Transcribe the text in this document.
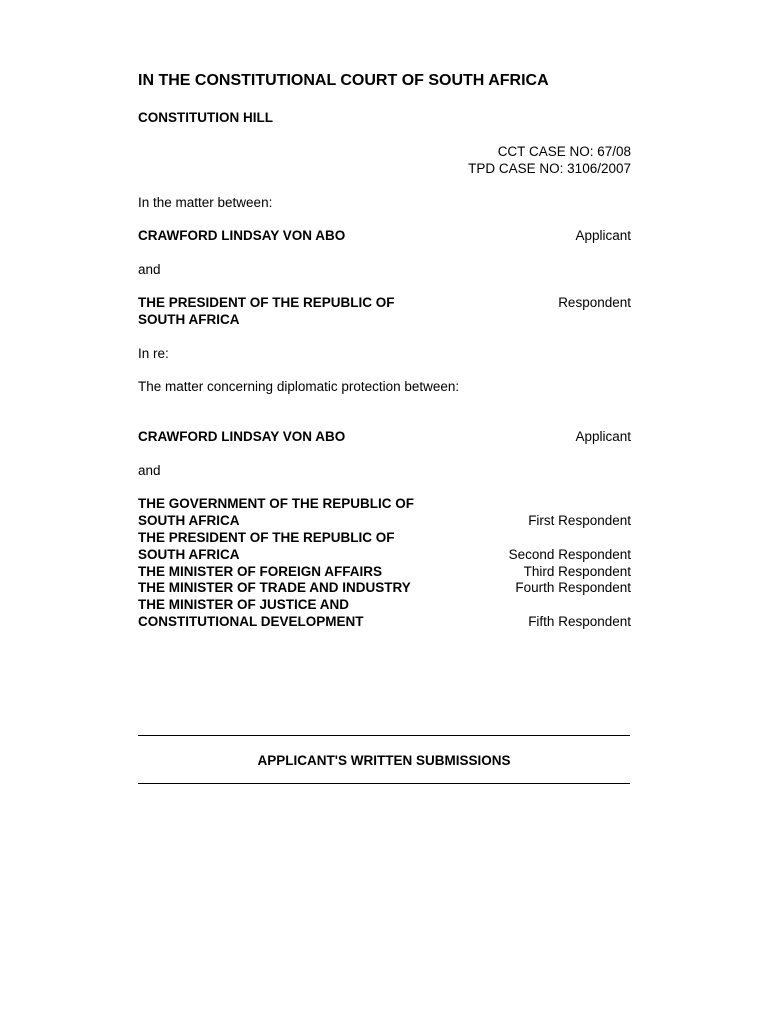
IN THE CONSTITUTIONAL COURT OF SOUTH AFRICA
CONSTITUTION HILL
CCT CASE NO: 67/08
TPD CASE NO: 3106/2007
In the matter between:
CRAWFORD LINDSAY VON ABO	Applicant
and
THE PRESIDENT OF THE REPUBLIC OF
SOUTH AFRICA
Respondent
In re:
The matter concerning diplomatic protection between:
CRAWFORD LINDSAY VON ABO	Applicant
and
THE GOVERNMENT OF THE REPUBLIC OF
SOUTH AFRICA
THE PRESIDENT OF THE REPUBLIC OF
SOUTH AFRICA
THE MINISTER OF FOREIGN AFFAIRS
THE MINISTER OF TRADE AND INDUSTRY
THE MINISTER OF JUSTICE AND
CONSTITUTIONAL DEVELOPMENT
First Respondent
Second Respondent
Third Respondent
Fourth Respondent
Fifth Respondent
APPLICANT'S WRITTEN SUBMISSIONS
